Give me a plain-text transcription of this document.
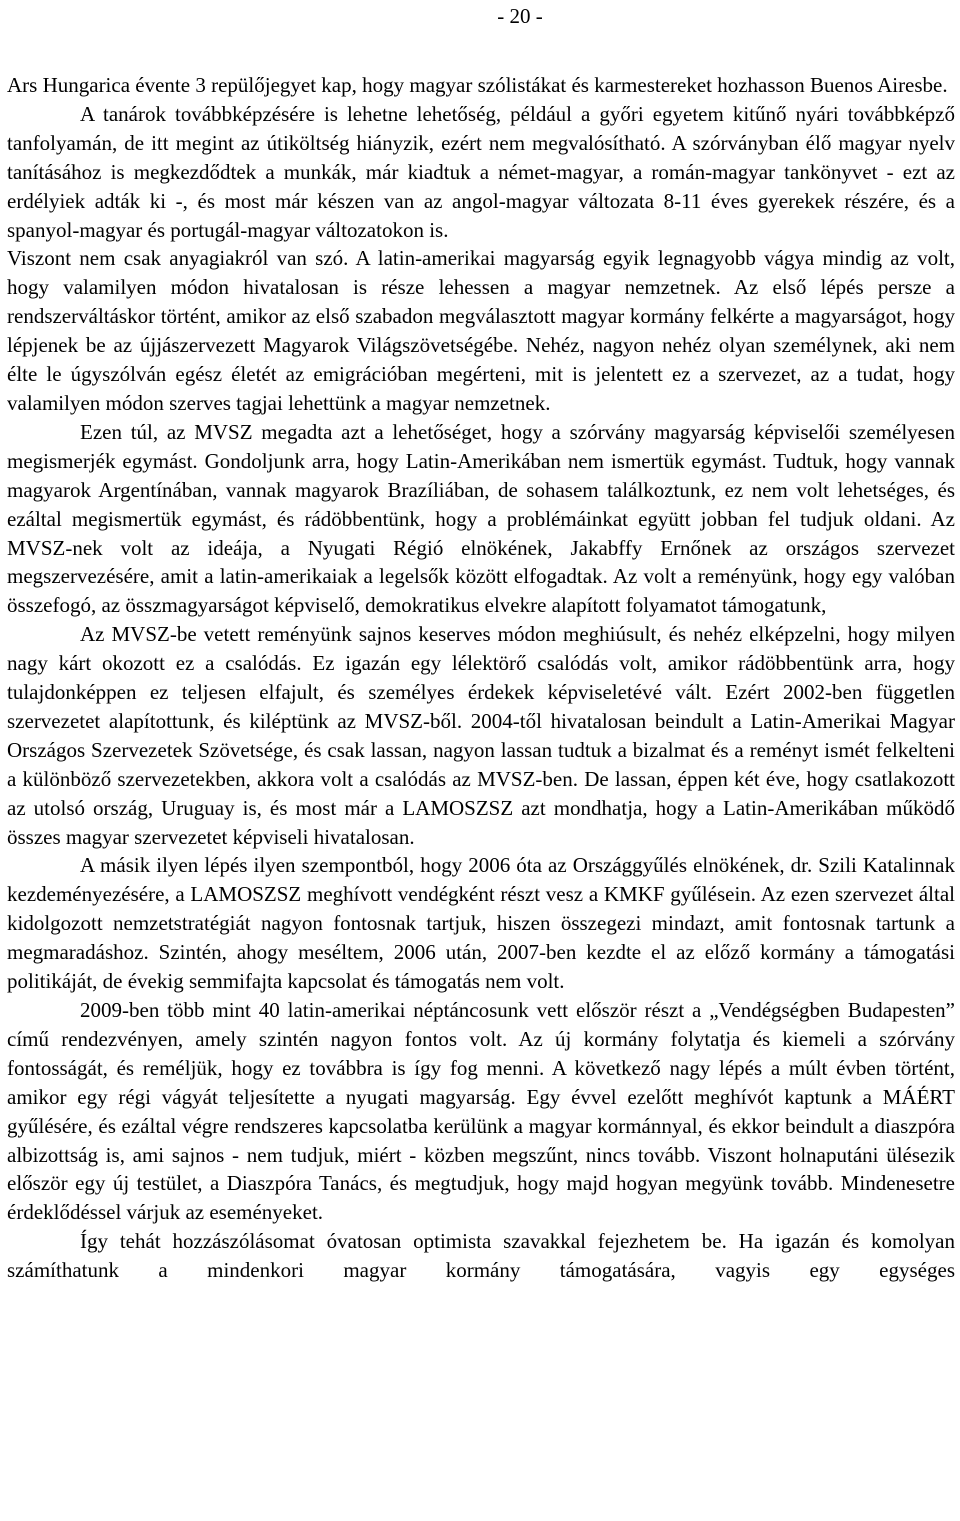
- 20 -

Ars Hungarica évente 3 repülőjegyet kap, hogy magyar szólistákat és karmestereket hozhasson Buenos Airesbe.

A tanárok továbbképzésére is lehetne lehetőség, például a győri egyetem kitűnő nyári továbbképző tanfolyamán, de itt megint az útiköltség hiányzik, ezért nem megvalósítható. A szórványban élő magyar nyelv tanításához is megkezdődtek a munkák, már kiadtuk a német-magyar, a román-magyar tankönyvet - ezt az erdélyiek adták ki -, és most már készen van az angol-magyar változata 8-11 éves gyerekek részére, és a spanyol-magyar és portugál-magyar változatokon is.

Viszont nem csak anyagiakról van szó. A latin-amerikai magyarság egyik legnagyobb vágya mindig az volt, hogy valamilyen módon hivatalosan is része lehessen a magyar nemzetnek. Az első lépés persze a rendszerváltáskor történt, amikor az első szabadon megválasztott magyar kormány felkérte a magyarságot, hogy lépjenek be az újjászervezett Magyarok Világszövetségébe. Nehéz, nagyon nehéz olyan személynek, aki nem élte le úgyszólván egész életét az emigrációban megérteni, mit is jelentett ez a szervezet, az a tudat, hogy valamilyen módon szerves tagjai lehettünk a magyar nemzetnek.

Ezen túl, az MVSZ megadta azt a lehetőséget, hogy a szórvány magyarság képviselői személyesen megismerjék egymást. Gondoljunk arra, hogy Latin-Amerikában nem ismertük egymást. Tudtuk, hogy vannak magyarok Argentínában, vannak magyarok Brazíliában, de sohasem találkoztunk, ez nem volt lehetséges, és ezáltal megismertük egymást, és rádöbbentünk, hogy a problémáinkat együtt jobban fel tudjuk oldani. Az MVSZ-nek volt az ideája, a Nyugati Régió elnökének, Jakabffy Ernőnek az országos szervezet megszervezésére, amit a latin-amerikaiak a legelsők között elfogadtak. Az volt a reményünk, hogy egy valóban összefogó, az összmagyarságot képviselő, demokratikus elvekre alapított folyamatot támogatunk,

Az MVSZ-be vetett reményünk sajnos keserves módon meghiúsult, és nehéz elképzelni, hogy milyen nagy kárt okozott ez a csalódás. Ez igazán egy lélektörő csalódás volt, amikor rádöbbentünk arra, hogy tulajdonképpen ez teljesen elfajult, és személyes érdekek képviseletévé vált. Ezért 2002-ben független szervezetet alapítottunk, és kiléptünk az MVSZ-ből. 2004-től hivatalosan beindult a Latin-Amerikai Magyar Országos Szervezetek Szövetsége, és csak lassan, nagyon lassan tudtuk a bizalmat és a reményt ismét felkelteni a különböző szervezetekben, akkora volt a csalódás az MVSZ-ben. De lassan, éppen két éve, hogy csatlakozott az utolsó ország, Uruguay is, és most már a LAMOSZSZ azt mondhatja, hogy a Latin-Amerikában működő összes magyar szervezetet képviseli hivatalosan.

A másik ilyen lépés ilyen szempontból, hogy 2006 óta az Országgyűlés elnökének, dr. Szili Katalinnak kezdeményezésére, a LAMOSZSZ meghívott vendégként részt vesz a KMKF gyűlésein. Az ezen szervezet által kidolgozott nemzetstratégiát nagyon fontosnak tartjuk, hiszen összegezi mindazt, amit fontosnak tartunk a megmaradáshoz. Szintén, ahogy meséltem, 2006 után, 2007-ben kezdte el az előző kormány a támogatási politikáját, de évekig semmifajta kapcsolat és támogatás nem volt.

2009-ben több mint 40 latin-amerikai néptáncosunk vett először részt a „Vendégségben Budapesten” című rendezvényen, amely szintén nagyon fontos volt. Az új kormány folytatja és kiemeli a szórvány fontosságát, és reméljük, hogy ez továbbra is így fog menni. A következő nagy lépés a múlt évben történt, amikor egy régi vágyát teljesítette a nyugati magyarság. Egy évvel ezelőtt meghívót kaptunk a MÁÉRT gyűlésére, és ezáltal végre rendszeres kapcsolatba kerülünk a magyar kormánnyal, és ekkor beindult a diaszpóra albizottság is, ami sajnos - nem tudjuk, miért - közben megszűnt, nincs tovább. Viszont holnaputáni ülésezik először egy új testület, a Diaszpóra Tanács, és megtudjuk, hogy majd hogyan megyünk tovább. Mindenesetre érdeklődéssel várjuk az eseményeket.

Így tehát hozzászólásomat óvatosan optimista szavakkal fejezhetem be. Ha igazán és komolyan számíthatunk a mindenkori magyar kormány támogatására, vagyis egy egységes
